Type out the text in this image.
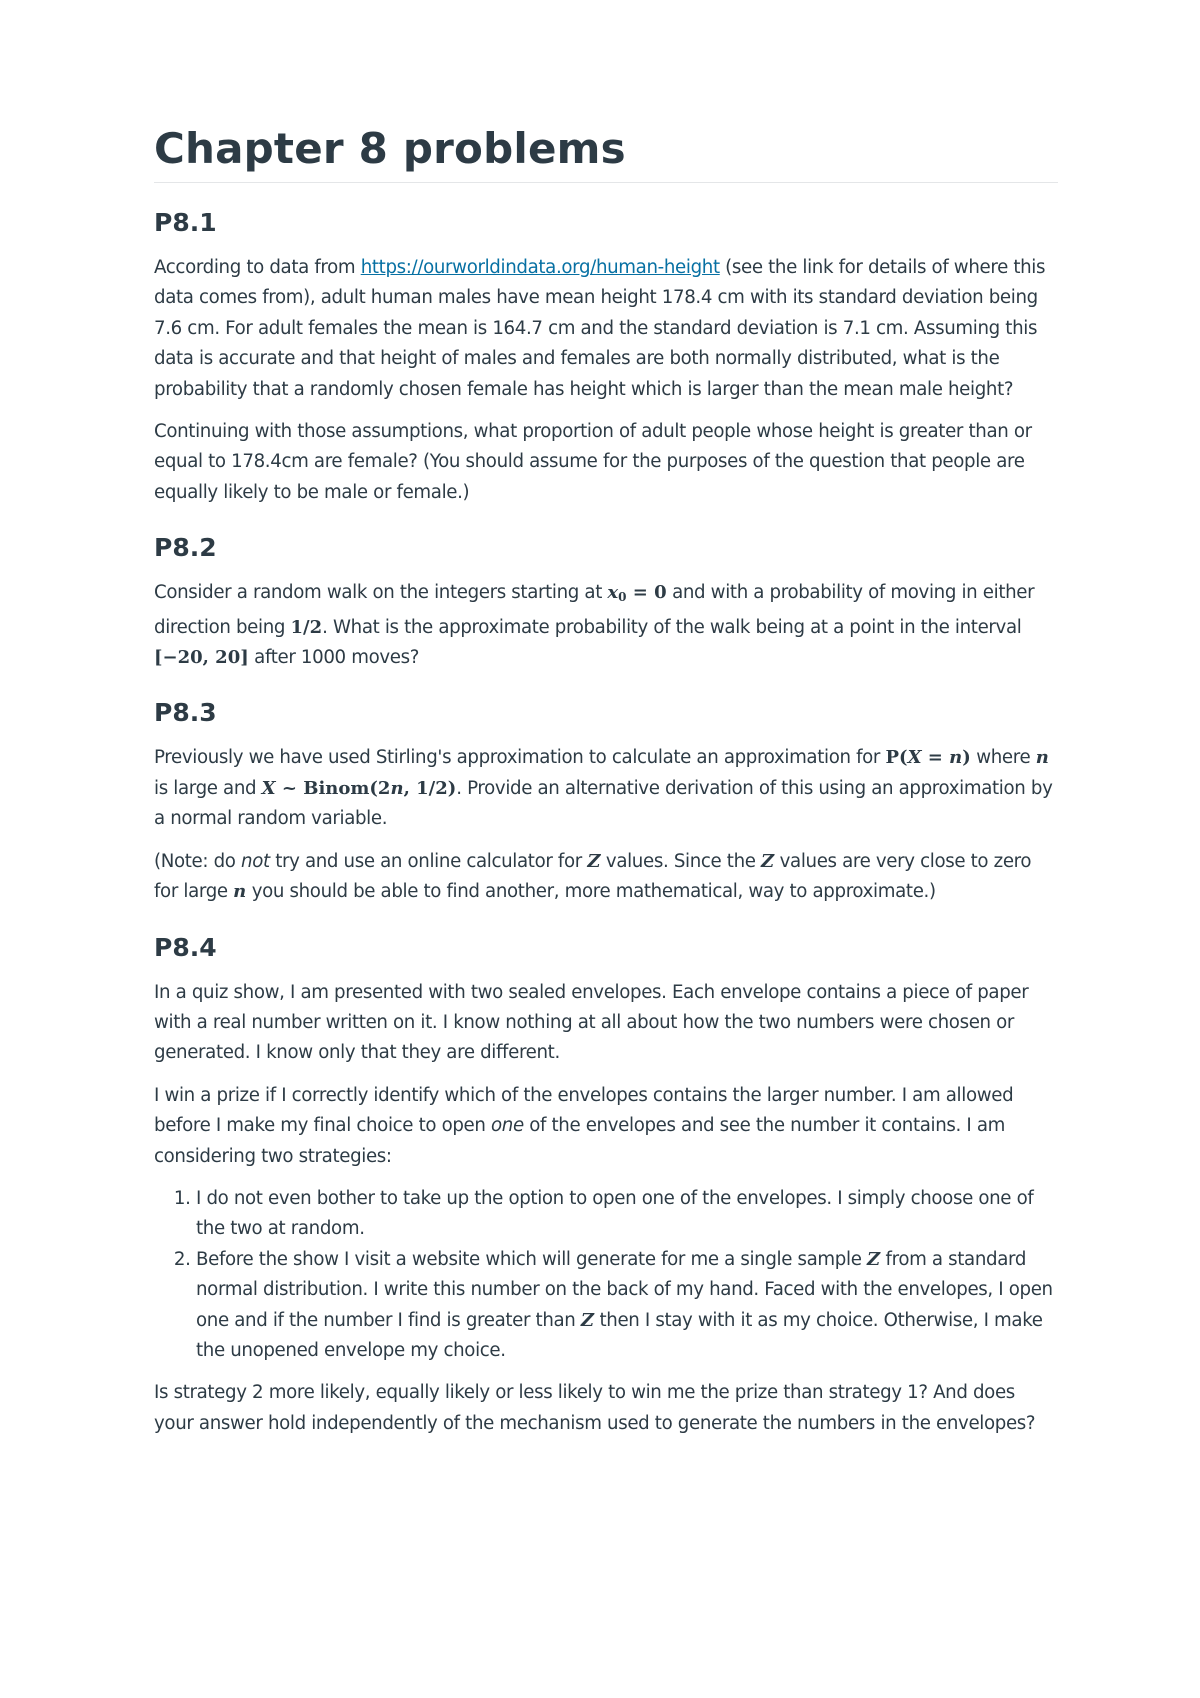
Chapter 8 problems
P8.1

According to data from https://ourworldindata.org/human-height (see the link for details of where this data comes from), adult human males have mean height 178.4 cm with its standard deviation being 7.6 cm. For adult females the mean is 164.7 cm and the standard deviation is 7.1 cm. Assuming this data is accurate and that height of males and females are both normally distributed, what is the probability that a randomly chosen female has height which is larger than the mean male height?

Continuing with those assumptions, what proportion of adult people whose height is greater than or equal to 178.4cm are female? (You should assume for the purposes of the question that people are equally likely to be male or female.)

P8.2

Consider a random walk on the integers starting at $x_0 = 0$ and with a probability of moving in either direction being 1/2. What is the approximate probability of the walk being at a point in the interval [−20, 20] after 1000 moves?

P8.3

Previously we have used Stirling's approximation to calculate an approximation for P(X = n) where n is large and X ~ Binom(2n, 1/2). Provide an alternative derivation of this using an approximation by a normal random variable.

(Note: do not try and use an online calculator for Z values. Since the Z values are very close to zero for large n you should be able to find another, more mathematical, way to approximate.)

P8.4

In a quiz show, I am presented with two sealed envelopes. Each envelope contains a piece of paper with a real number written on it. I know nothing at all about how the two numbers were chosen or generated. I know only that they are different.

I win a prize if I correctly identify which of the envelopes contains the larger number. I am allowed before I make my final choice to open one of the envelopes and see the number it contains. I am considering two strategies:

1. I do not even bother to take up the option to open one of the envelopes. I simply choose one of the two at random.
2. Before the show I visit a website which will generate for me a single sample Z from a standard normal distribution. I write this number on the back of my hand. Faced with the envelopes, I open one and if the number I find is greater than Z then I stay with it as my choice. Otherwise, I make the unopened envelope my choice.

Is strategy 2 more likely, equally likely or less likely to win me the prize than strategy 1? And does your answer hold independently of the mechanism used to generate the numbers in the envelopes?
